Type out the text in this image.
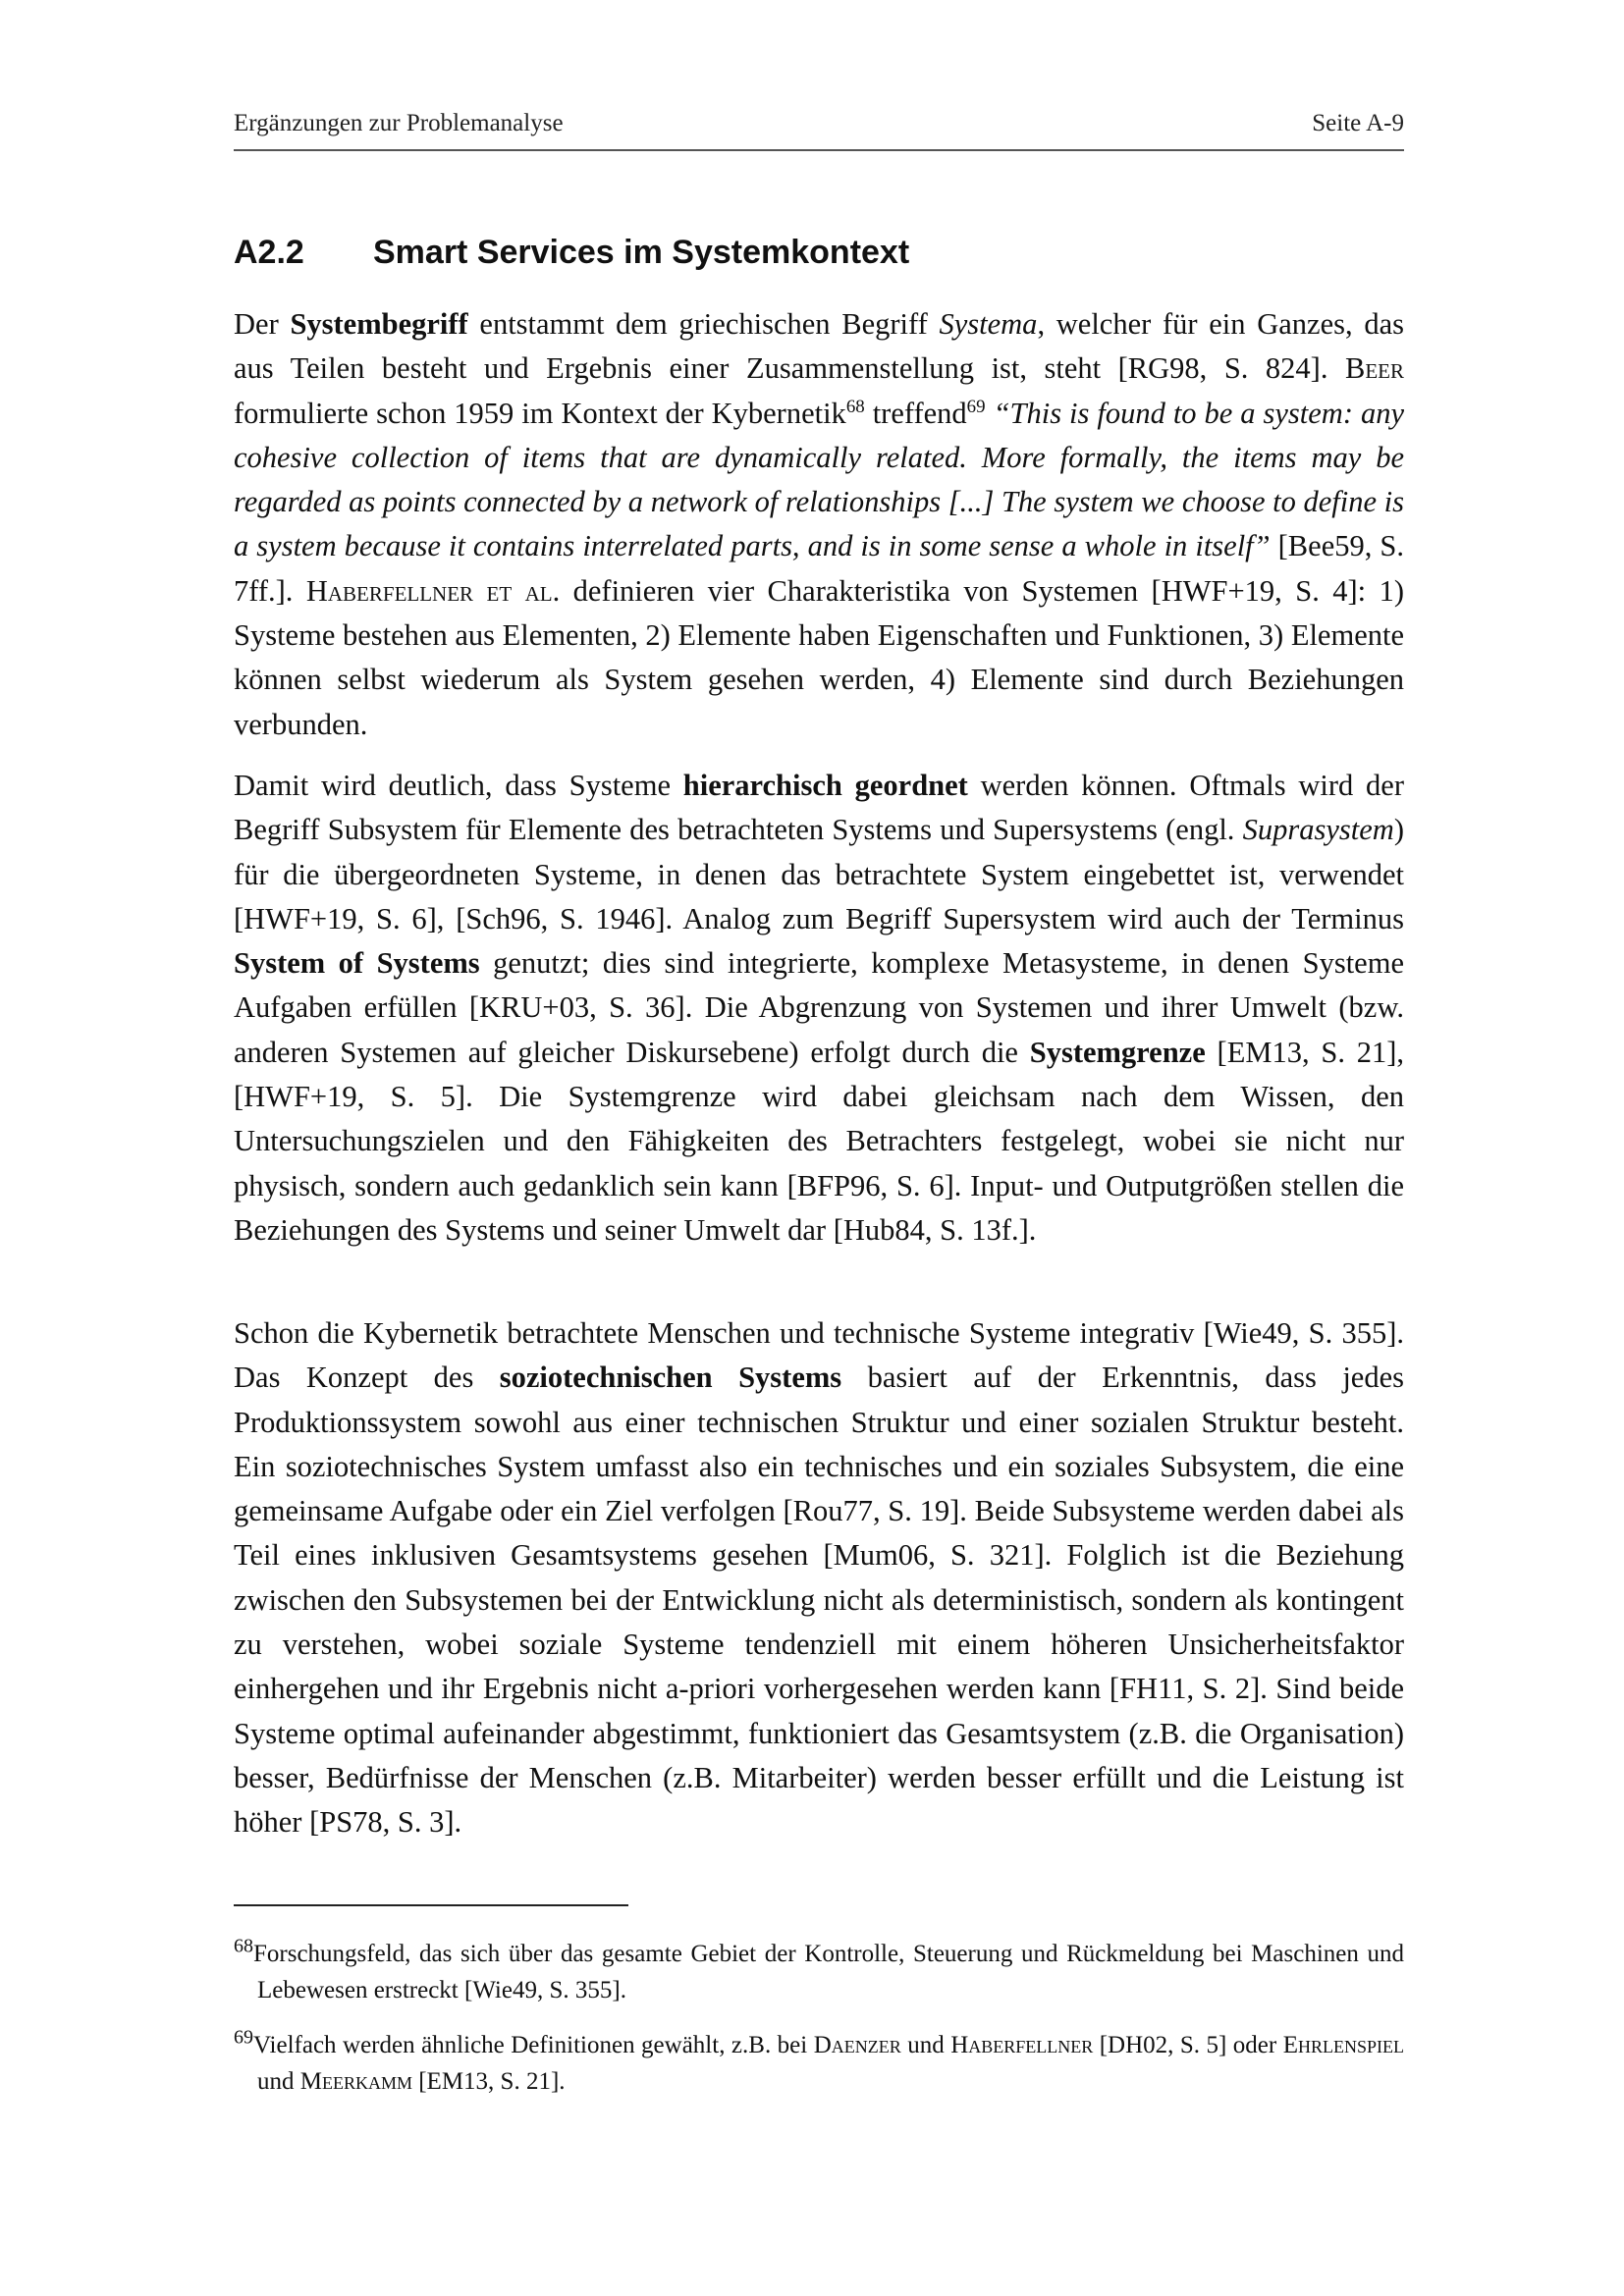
Ergänzungen zur Problemanalyse	Seite A-9
A2.2 Smart Services im Systemkontext

Der Systembegriff entstammt dem griechischen Begriff Systema, welcher für ein Ganzes, das aus Teilen besteht und Ergebnis einer Zusammenstellung ist, steht [RG98, S. 824]. Beer formulierte schon 1959 im Kontext der Kybernetik$^{68}$ treffend$^{69}$ “This is found to be a system: any cohesive collection of items that are dynamically related. More formally, the items may be regarded as points connected by a network of relationships [...] The system we choose to define is a system because it contains interrelated parts, and is in some sense a whole in itself” [Bee59, S. 7ff.]. Haberfellner et al. definieren vier Charakteristika von Systemen [HWF+19, S. 4]: 1) Systeme bestehen aus Elementen, 2) Elemente haben Eigenschaften und Funktionen, 3) Elemente können selbst wiederum als System gesehen werden, 4) Elemente sind durch Beziehungen verbunden.

Damit wird deutlich, dass Systeme hierarchisch geordnet werden können. Oftmals wird der Begriff Subsystem für Elemente des betrachteten Systems und Supersystems (engl. Suprasystem) für die übergeordneten Systeme, in denen das betrachtete System eingebettet ist, verwendet [HWF+19, S. 6], [Sch96, S. 1946]. Analog zum Begriff Supersystem wird auch der Terminus System of Systems genutzt; dies sind integrierte, komplexe Metasysteme, in denen Systeme Aufgaben erfüllen [KRU+03, S. 36]. Die Abgrenzung von Systemen und ihrer Umwelt (bzw. anderen Systemen auf gleicher Diskursebene) erfolgt durch die Systemgrenze [EM13, S. 21], [HWF+19, S. 5]. Die Systemgrenze wird dabei gleichsam nach dem Wissen, den Untersuchungszielen und den Fähigkeiten des Betrachters festgelegt, wobei sie nicht nur physisch, sondern auch gedanklich sein kann [BFP96, S. 6]. Input- und Outputgrößen stellen die Beziehungen des Systems und seiner Umwelt dar [Hub84, S. 13f.].

Schon die Kybernetik betrachtete Menschen und technische Systeme integrativ [Wie49, S. 355]. Das Konzept des soziotechnischen Systems basiert auf der Erkenntnis, dass jedes Produktionssystem sowohl aus einer technischen Struktur und einer sozialen Struktur besteht. Ein soziotechnisches System umfasst also ein technisches und ein soziales Subsystem, die eine gemeinsame Aufgabe oder ein Ziel verfolgen [Rou77, S. 19]. Beide Subsysteme werden dabei als Teil eines inklusiven Gesamtsystems gesehen [Mum06, S. 321]. Folglich ist die Beziehung zwischen den Subsystemen bei der Entwicklung nicht als deterministisch, sondern als kontingent zu verstehen, wobei soziale Systeme tendenziell mit einem höheren Unsicherheitsfaktor einhergehen und ihr Ergebnis nicht a-priori vorhergesehen werden kann [FH11, S. 2]. Sind beide Systeme optimal aufeinander abgestimmt, funktioniert das Gesamtsystem (z.B. die Organisation) besser, Bedürfnisse der Menschen (z.B. Mitarbeiter) werden besser erfüllt und die Leistung ist höher [PS78, S. 3].

$^{68}$Forschungsfeld, das sich über das gesamte Gebiet der Kontrolle, Steuerung und Rückmeldung bei Maschinen und Lebewesen erstreckt [Wie49, S. 355].

$^{69}$Vielfach werden ähnliche Definitionen gewählt, z.B. bei Daenzer und Haberfellner [DH02, S. 5] oder Ehrlenspiel und Meerkamm [EM13, S. 21].
